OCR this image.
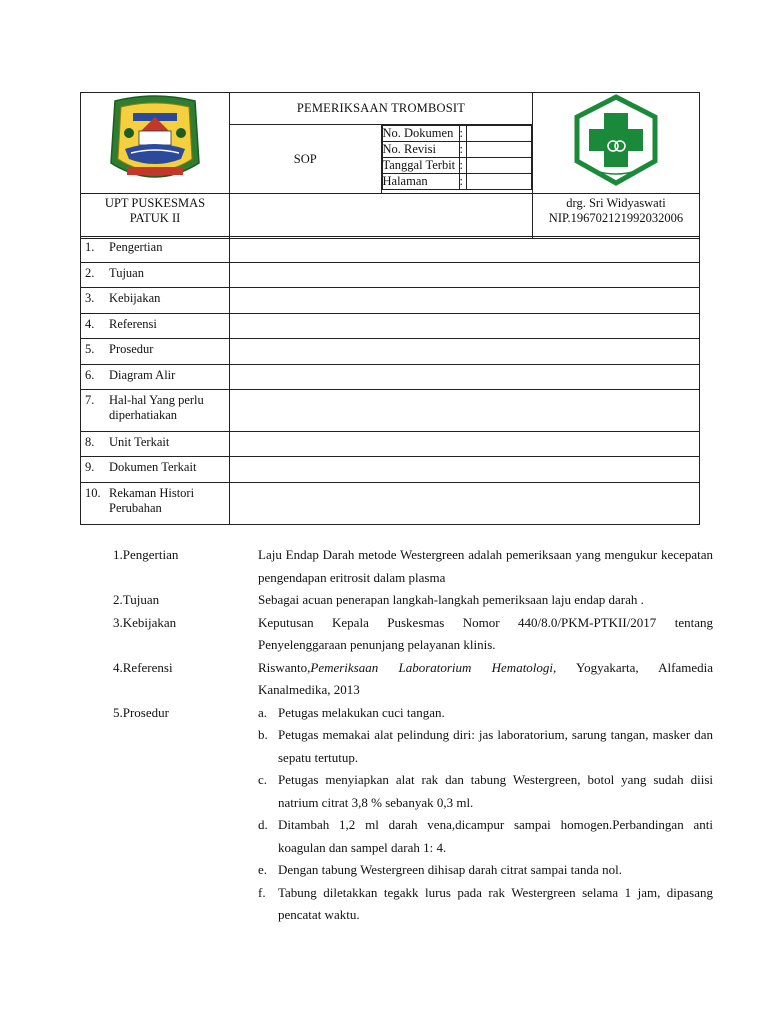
	PEMERIKSAAN TROMBOSIT	
SOP	
No. Dokumen	:	
No. Revisi	:	
Tanggal Terbit	:	
Halaman	:	

UPT PUSKESMAS
PATUK II

drg. Sri Widyaswati
NIP.196702121992032006
1. Pengertian	
2. Tujuan	
3. Kebijakan	
4. Referensi	
5. Prosedur	
6. Diagram Alir	
7. Hal-hal Yang perlu diperhatiakan	
8. Unit Terkait	
9. Dokumen Terkait	
10. Rekaman Histori Perubahan	
1.Pengertian	Laju Endap Darah metode Westergreen adalah pemeriksaan yang mengukur kecepatan pengendapan eritrosit dalam plasma
2.Tujuan	Sebagai acuan penerapan langkah-langkah pemeriksaan laju endap darah .
3.Kebijakan	Keputusan Kepala Puskesmas Nomor 440/8.0/PKM-PTKII/2017 tentang Penyelenggaraan penunjang pelayanan klinis.
4.Referensi	Riswanto,Pemeriksaan Laboratorium Hematologi, Yogyakarta, Alfamedia Kanalmedika, 2013
5.Prosedur	a. Petugas melakukan cuci tangan.
b. Petugas memakai alat pelindung diri: jas laboratorium, sarung tangan, masker dan sepatu tertutup.
c. Petugas menyiapkan alat rak dan tabung Westergreen, botol yang sudah diisi natrium citrat 3,8 % sebanyak 0,3 ml.
d. Ditambah 1,2 ml darah vena,dicampur sampai homogen.Perbandingan anti koagulan dan sampel darah 1: 4.
e. Dengan tabung Westergreen dihisap darah citrat sampai tanda nol.
f. Tabung diletakkan tegakk lurus pada rak Westergreen selama 1 jam, dipasang pencatat waktu.
